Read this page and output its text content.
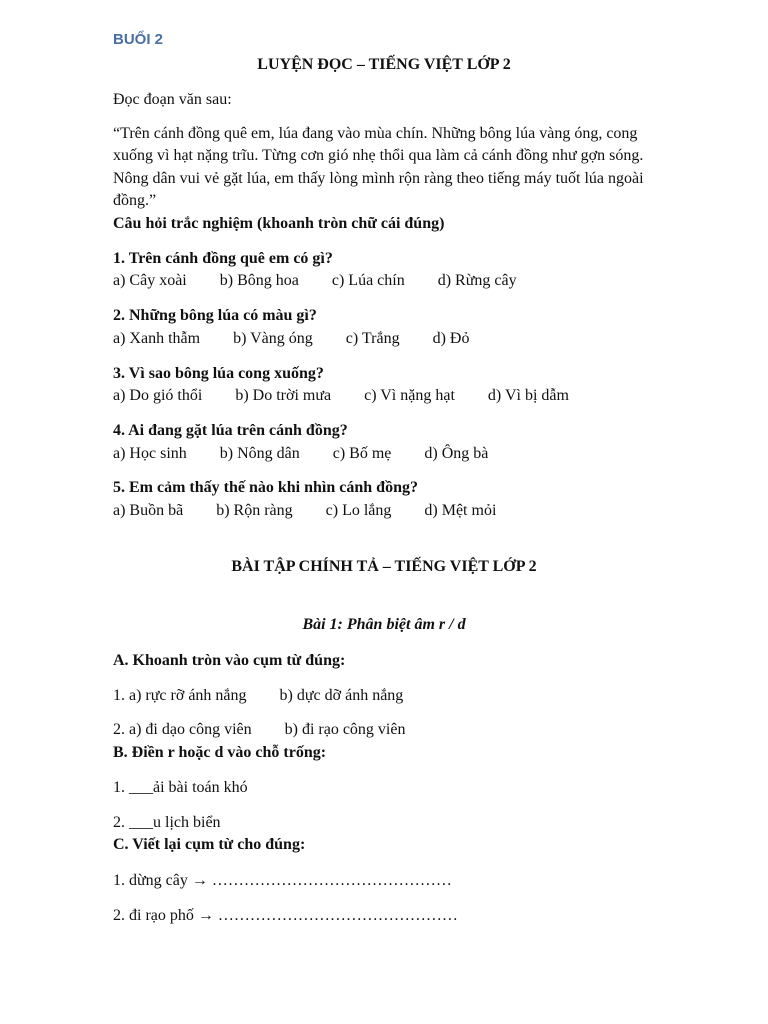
BUỔI 2
LUYỆN ĐỌC – TIẾNG VIỆT LỚP 2
Đọc đoạn văn sau:
“Trên cánh đồng quê em, lúa đang vào mùa chín. Những bông lúa vàng óng, cong xuống vì hạt nặng trĩu. Từng cơn gió nhẹ thổi qua làm cả cánh đồng như gợn sóng. Nông dân vui vẻ gặt lúa, em thấy lòng mình rộn ràng theo tiếng máy tuốt lúa ngoài đồng.”
Câu hỏi trắc nghiệm (khoanh tròn chữ cái đúng)
1. Trên cánh đồng quê em có gì?
a) Cây xoài b) Bông hoa c) Lúa chín d) Rừng cây
2. Những bông lúa có màu gì?
a) Xanh thẫm b) Vàng óng c) Trắng d) Đỏ
3. Vì sao bông lúa cong xuống?
a) Do gió thổi b) Do trời mưa c) Vì nặng hạt d) Vì bị dẫm
4. Ai đang gặt lúa trên cánh đồng?
a) Học sinh b) Nông dân c) Bố mẹ d) Ông bà
5. Em cảm thấy thế nào khi nhìn cánh đồng?
a) Buồn bã b) Rộn ràng c) Lo lắng d) Mệt mỏi
BÀI TẬP CHÍNH TẢ – TIẾNG VIỆT LỚP 2
Bài 1: Phân biệt âm r / d
A. Khoanh tròn vào cụm từ đúng:
1. a) rực rỡ ánh nắng b) dực dỡ ánh nắng
2. a) đi dạo công viên b) đi rạo công viên
B. Điền r hoặc d vào chỗ trống:
1. ___ải bài toán khó
2. ___u lịch biển
C. Viết lại cụm từ cho đúng:
1. dừng cây → ………………………………………
2. đi rạo phố → ………………………………………
